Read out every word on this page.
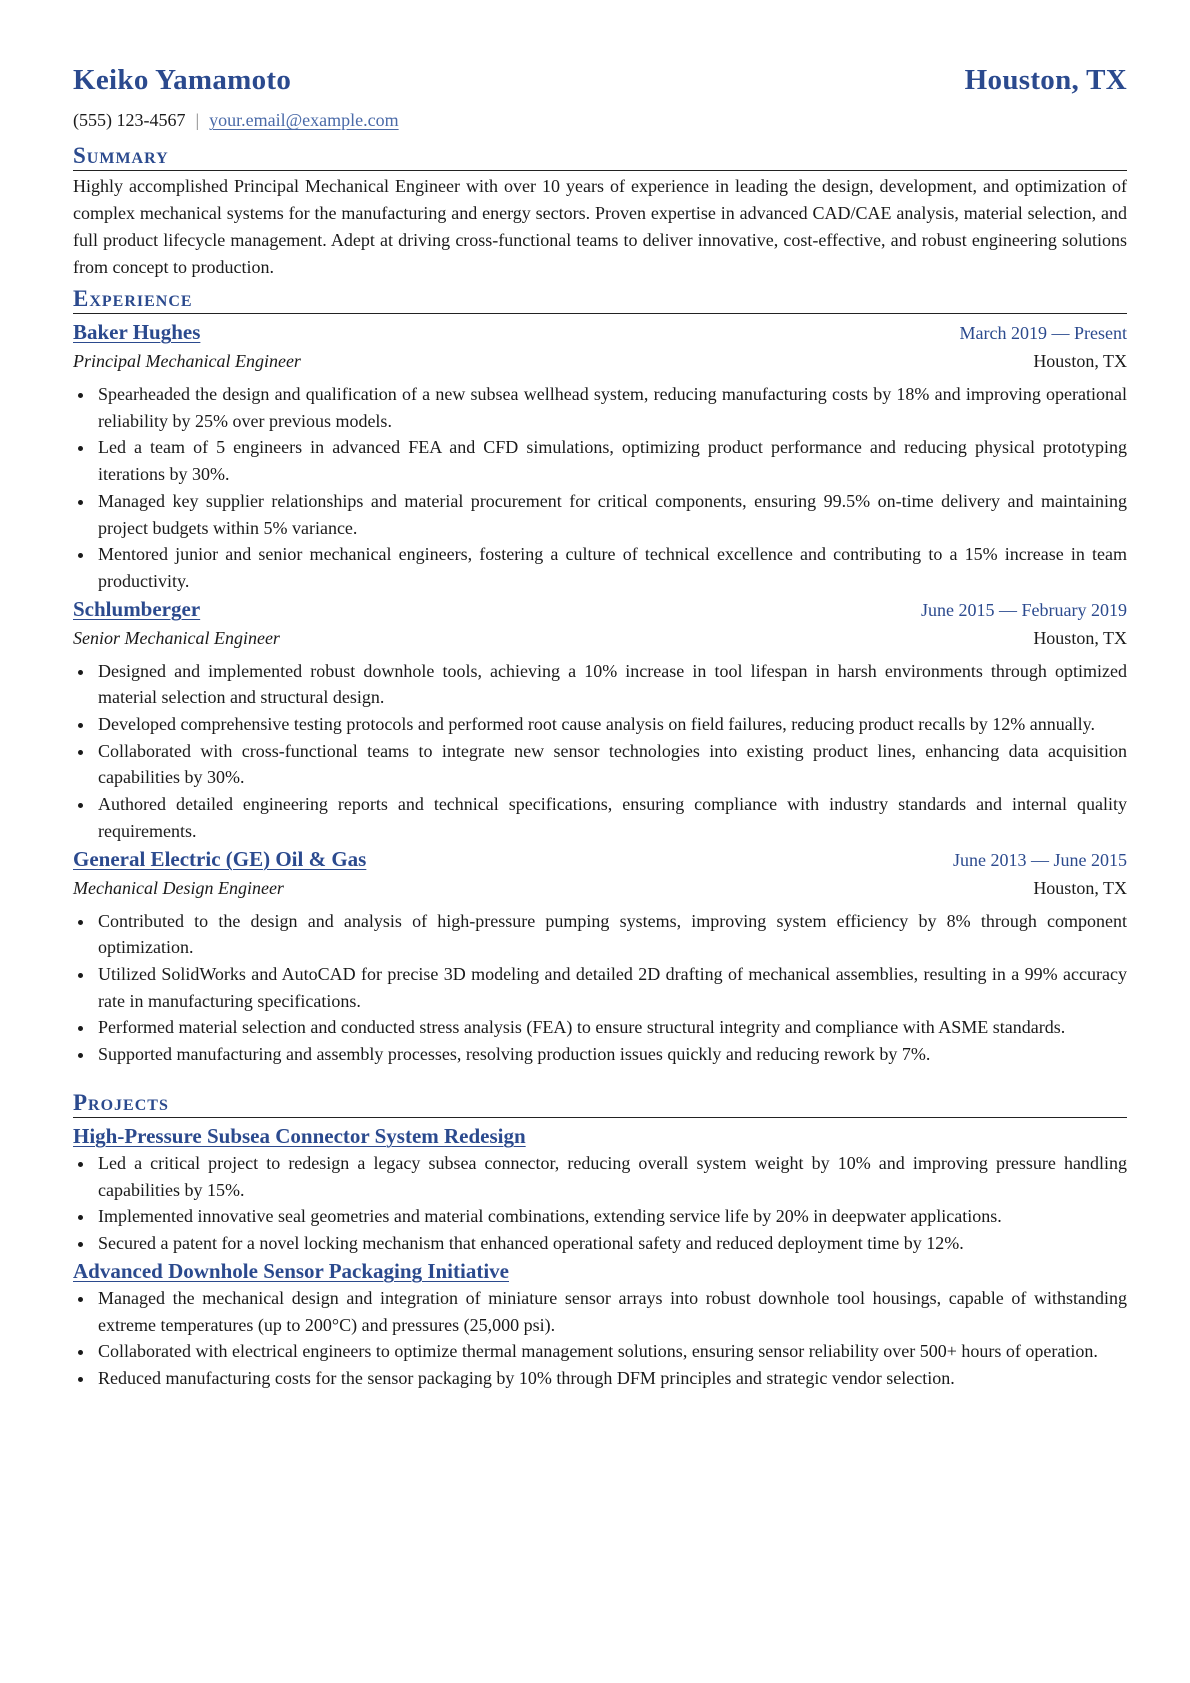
Keiko Yamamoto	Houston, TX
(555) 123-4567 | your.email@example.com
Summary
Highly accomplished Principal Mechanical Engineer with over 10 years of experience in leading the design, development, and optimization of complex mechanical systems for the manufacturing and energy sectors. Proven expertise in advanced CAD/CAE analysis, material selection, and full product lifecycle management. Adept at driving cross-functional teams to deliver innovative, cost-effective, and robust engineering solutions from concept to production.
Experience
Baker Hughes	March 2019 — Present
Principal Mechanical Engineer	Houston, TX
Spearheaded the design and qualification of a new subsea wellhead system, reducing manufacturing costs by 18% and improving operational reliability by 25% over previous models.
Led a team of 5 engineers in advanced FEA and CFD simulations, optimizing product performance and reducing physical prototyping iterations by 30%.
Managed key supplier relationships and material procurement for critical components, ensuring 99.5% on-time delivery and maintaining project budgets within 5% variance.
Mentored junior and senior mechanical engineers, fostering a culture of technical excellence and contributing to a 15% increase in team productivity.
Schlumberger	June 2015 — February 2019
Senior Mechanical Engineer	Houston, TX
Designed and implemented robust downhole tools, achieving a 10% increase in tool lifespan in harsh environments through optimized material selection and structural design.
Developed comprehensive testing protocols and performed root cause analysis on field failures, reducing product recalls by 12% annually.
Collaborated with cross-functional teams to integrate new sensor technologies into existing product lines, enhancing data acquisition capabilities by 30%.
Authored detailed engineering reports and technical specifications, ensuring compliance with industry standards and internal quality requirements.
General Electric (GE) Oil & Gas	June 2013 — June 2015
Mechanical Design Engineer	Houston, TX
Contributed to the design and analysis of high-pressure pumping systems, improving system efficiency by 8% through component optimization.
Utilized SolidWorks and AutoCAD for precise 3D modeling and detailed 2D drafting of mechanical assemblies, resulting in a 99% accuracy rate in manufacturing specifications.
Performed material selection and conducted stress analysis (FEA) to ensure structural integrity and compliance with ASME standards.
Supported manufacturing and assembly processes, resolving production issues quickly and reducing rework by 7%.
Projects
High-Pressure Subsea Connector System Redesign
Led a critical project to redesign a legacy subsea connector, reducing overall system weight by 10% and improving pressure handling capabilities by 15%.
Implemented innovative seal geometries and material combinations, extending service life by 20% in deepwater applications.
Secured a patent for a novel locking mechanism that enhanced operational safety and reduced deployment time by 12%.
Advanced Downhole Sensor Packaging Initiative
Managed the mechanical design and integration of miniature sensor arrays into robust downhole tool housings, capable of withstanding extreme temperatures (up to 200°C) and pressures (25,000 psi).
Collaborated with electrical engineers to optimize thermal management solutions, ensuring sensor reliability over 500+ hours of operation.
Reduced manufacturing costs for the sensor packaging by 10% through DFM principles and strategic vendor selection.
